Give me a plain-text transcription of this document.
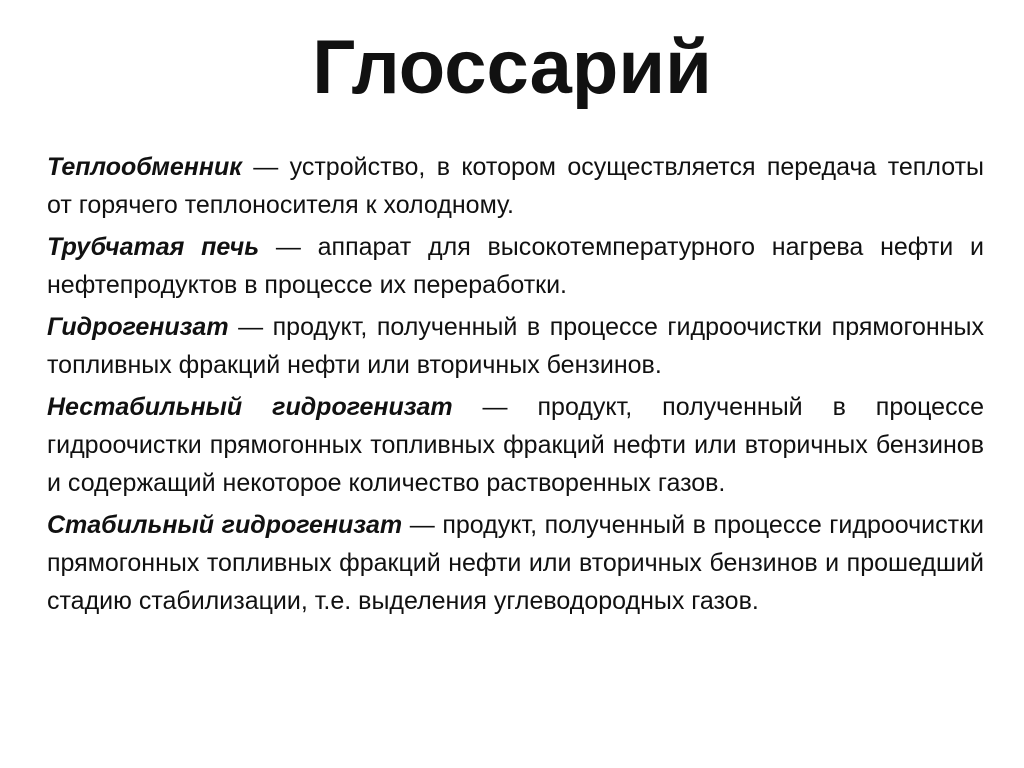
Глоссарий

Теплообменник — устройство, в котором осуществляется передача теплоты от горячего теплоносителя к холодному.

Трубчатая печь — аппарат для высокотемпературного нагрева нефти и нефтепродуктов в процессе их переработки.

Гидрогенизат — продукт, полученный в процессе гидроочистки прямогонных топливных фракций нефти или вторичных бензинов.

Нестабильный гидрогенизат — продукт, полученный в процессе гидроочистки прямогонных топливных фракций нефти или вторичных бензинов и содержащий некоторое количество растворенных газов.

Стабильный гидрогенизат — продукт, полученный в процессе гидроочистки прямогонных топливных фракций нефти или вторичных бензинов и прошедший стадию стабилизации, т.е. выделения углеводородных газов.
